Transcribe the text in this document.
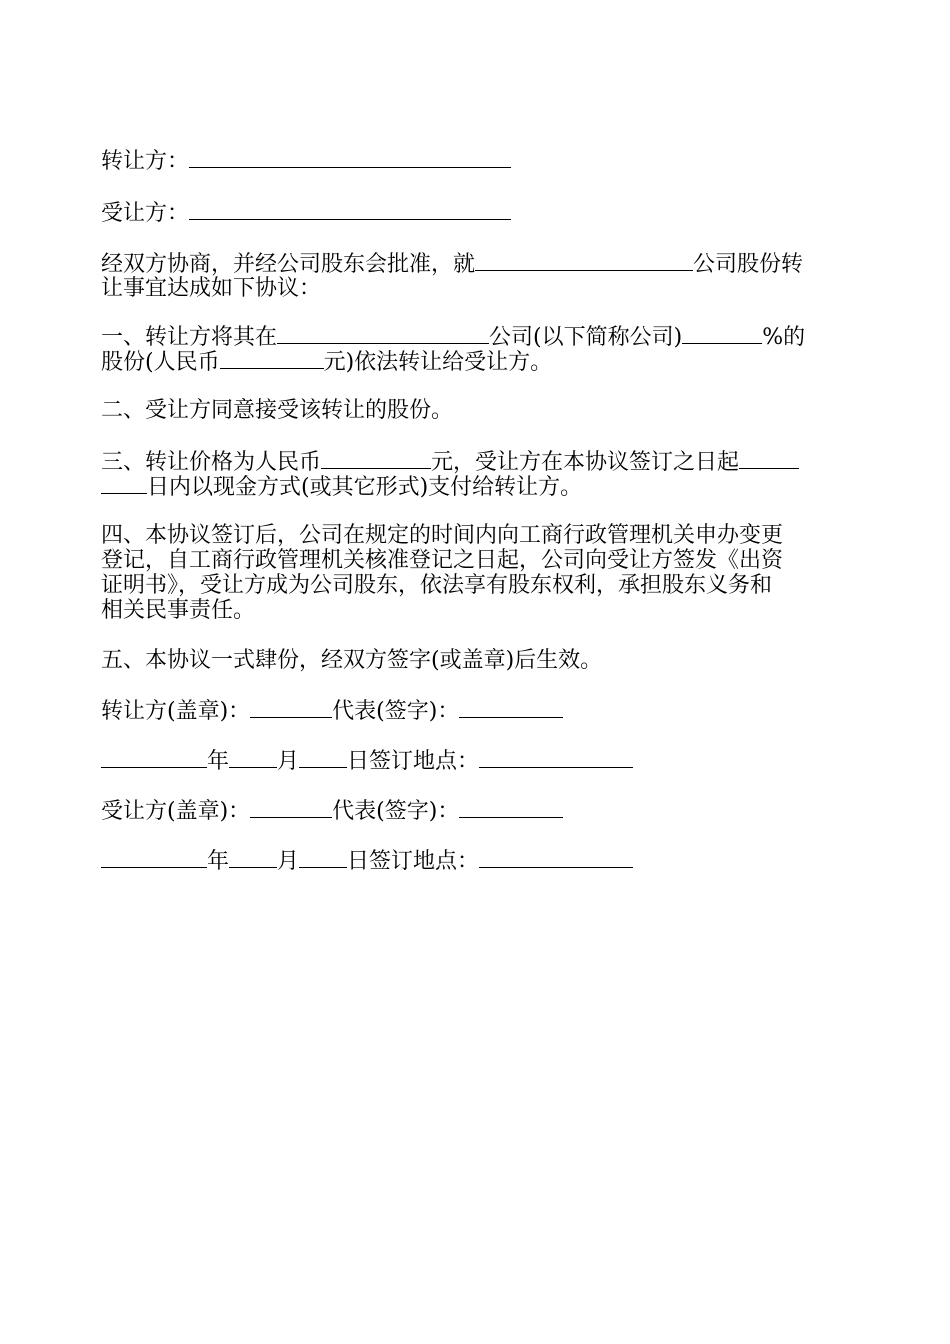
转让方：
受让方：
经双方协商，并经公司股东会批准，就	公司股份转
让事宜达成如下协议：
一、转让方将其在	公司(以下简称公司)	%的
股份(人民币	元)依法转让给受让方。
二、受让方同意接受该转让的股份。
三、转让价格为人民币	元，受让方在本协议签订之日起
日内以现金方式(或其它形式)支付给转让方。
四、本协议签订后，公司在规定的时间内向工商行政管理机关申办变更
登记，自工商行政管理机关核准登记之日起，公司向受让方签发《出资
证明书》，受让方成为公司股东，依法享有股东权利，承担股东义务和
相关民事责任。
五、本协议一式肆份，经双方签字(或盖章)后生效。
转让方(盖章)：	代表(签字)：
年 月 日签订地点：
受让方(盖章)：	代表(签字)：
年 月 日签订地点：
